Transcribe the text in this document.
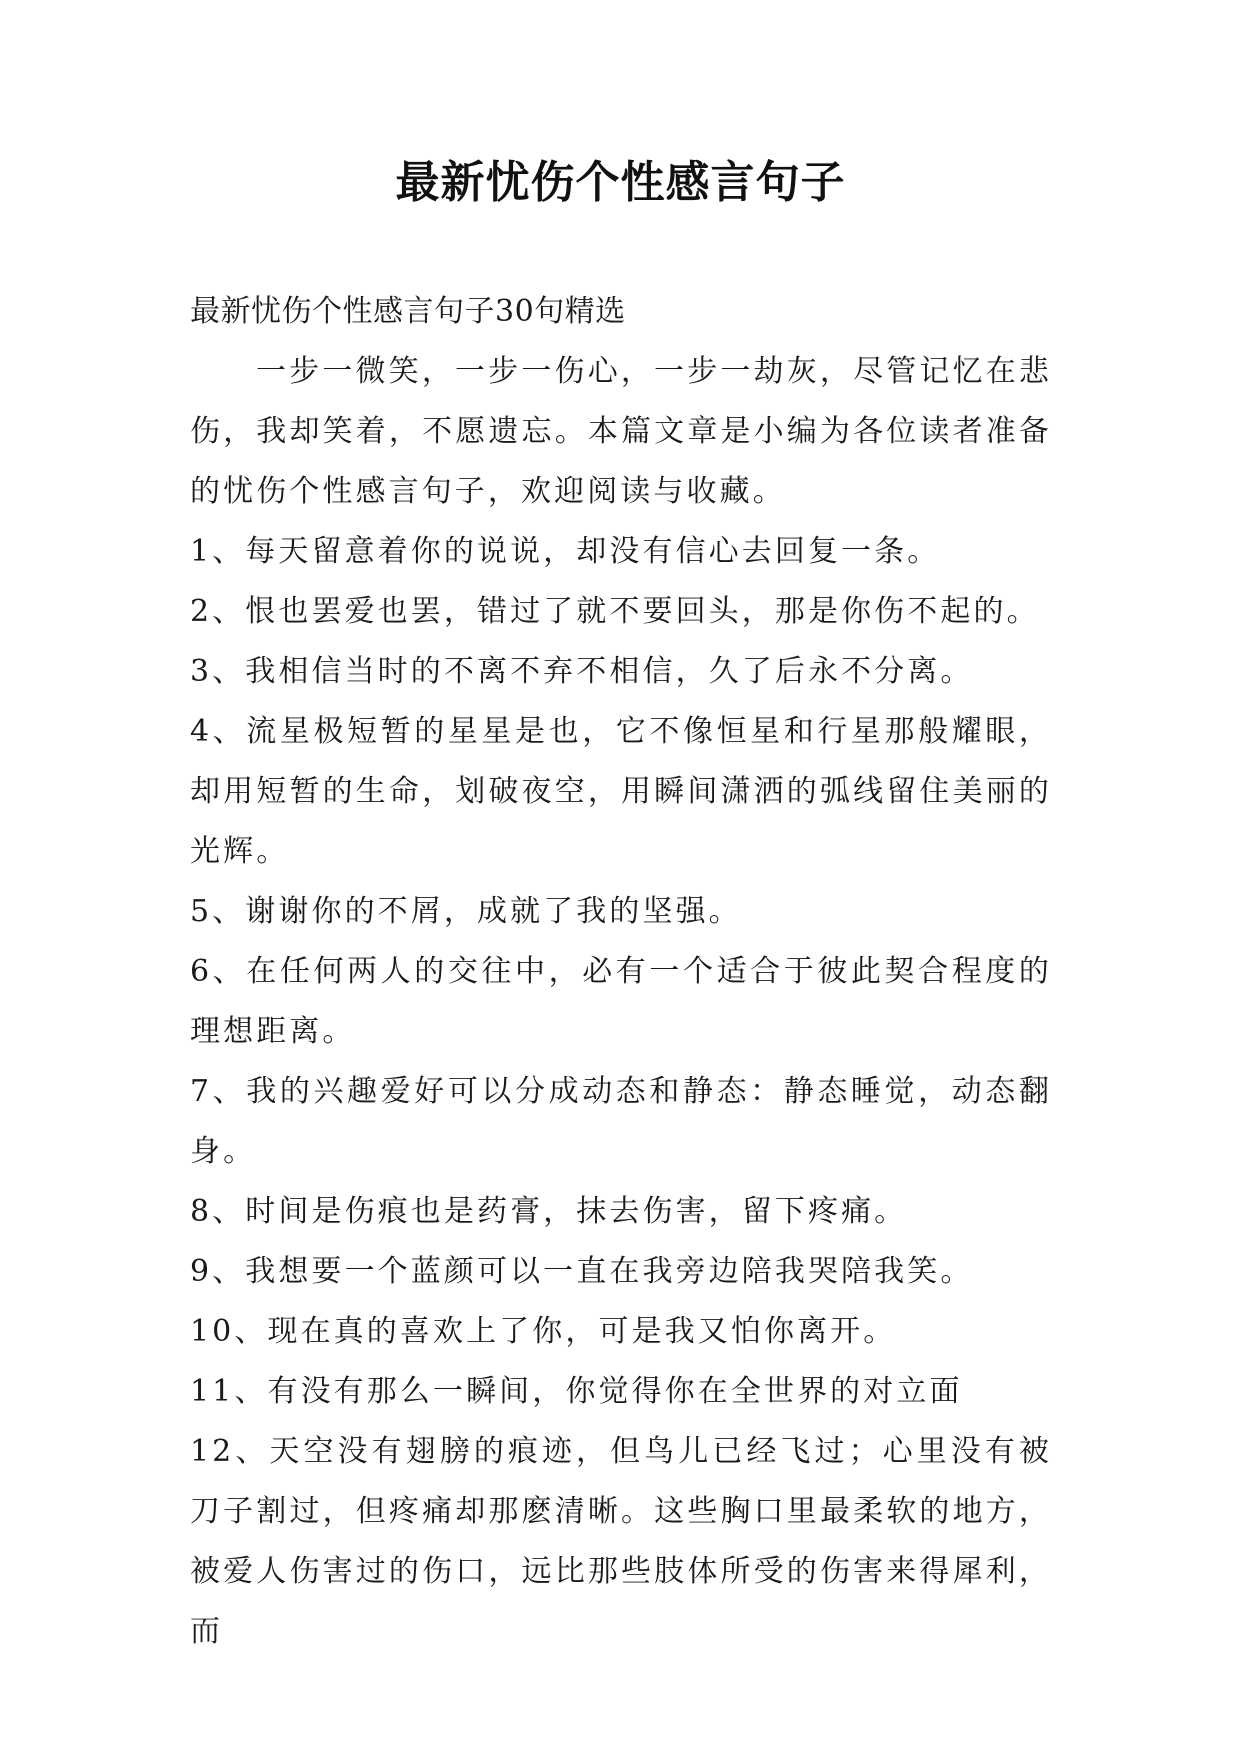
最新忧伤个性感言句子

最新忧伤个性感言句子30句精选

一步一微笑，一步一伤心，一步一劫灰，尽管记忆在悲伤，我却笑着，不愿遗忘。本篇文章是小编为各位读者准备的忧伤个性感言句子，欢迎阅读与收藏。

1、每天留意着你的说说，却没有信心去回复一条。

2、恨也罢爱也罢，错过了就不要回头，那是你伤不起的。

3、我相信当时的不离不弃不相信，久了后永不分离。

4、流星极短暂的星星是也，它不像恒星和行星那般耀眼，却用短暂的生命，划破夜空，用瞬间潇洒的弧线留住美丽的光辉。

5、谢谢你的不屑，成就了我的坚强。

6、在任何两人的交往中，必有一个适合于彼此契合程度的理想距离。

7、我的兴趣爱好可以分成动态和静态：静态睡觉，动态翻身。

8、时间是伤痕也是药膏，抹去伤害，留下疼痛。

9、我想要一个蓝颜可以一直在我旁边陪我哭陪我笑。

10、现在真的喜欢上了你，可是我又怕你离开。

11、有没有那么一瞬间，你觉得你在全世界的对立面

12、天空没有翅膀的痕迹，但鸟儿已经飞过；心里没有被刀子割过，但疼痛却那麽清晰。这些胸口里最柔软的地方，被爱人伤害过的伤口，远比那些肢体所受的伤害来得犀利，而
